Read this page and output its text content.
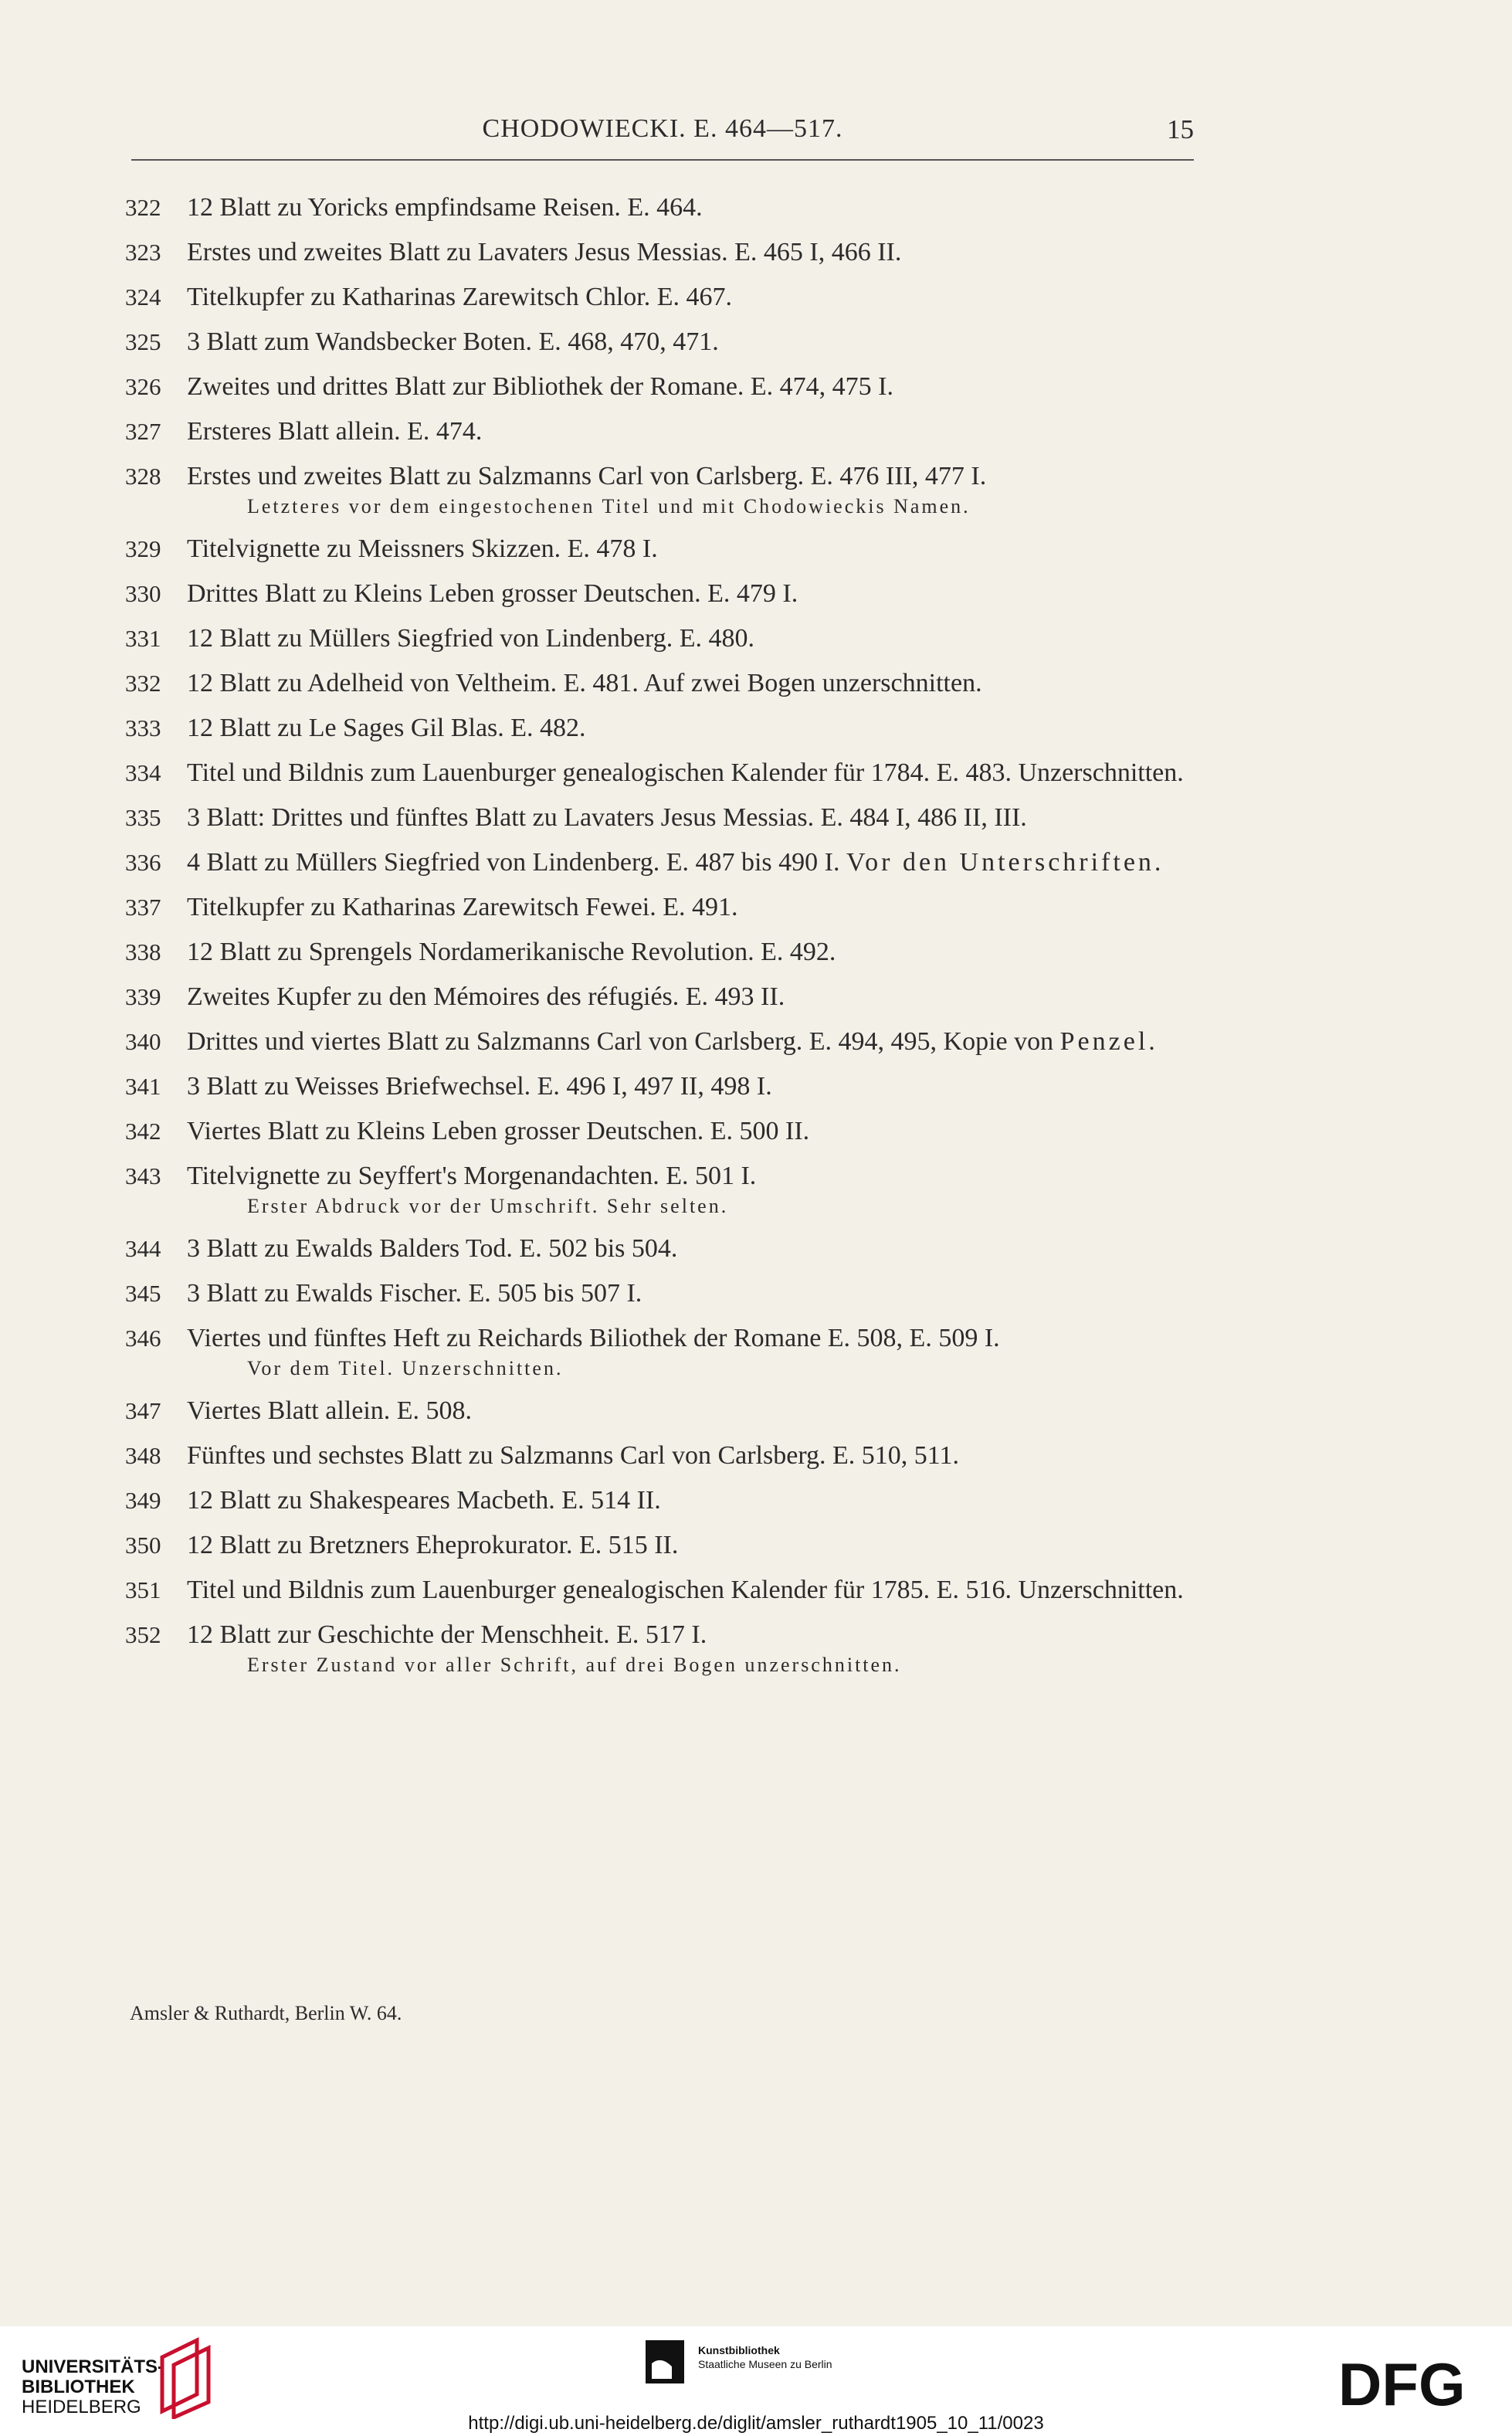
CHODOWIECKI. E. 464—517.	15
322 12 Blatt zu Yoricks empfindsame Reisen. E. 464.
323 Erstes und zweites Blatt zu Lavaters Jesus Messias. E. 465 I, 466 II.
324 Titelkupfer zu Katharinas Zarewitsch Chlor. E. 467.
325 3 Blatt zum Wandsbecker Boten. E. 468, 470, 471.
326 Zweites und drittes Blatt zur Bibliothek der Romane. E. 474, 475 I.
327 Ersteres Blatt allein. E. 474.
328 Erstes und zweites Blatt zu Salzmanns Carl von Carlsberg. E. 476 III, 477 I.
Letzteres vor dem eingestochenen Titel und mit Chodowieckis Namen.
329 Titelvignette zu Meissners Skizzen. E. 478 I.
330 Drittes Blatt zu Kleins Leben grosser Deutschen. E. 479 I.
331 12 Blatt zu Müllers Siegfried von Lindenberg. E. 480.
332 12 Blatt zu Adelheid von Veltheim. E. 481. Auf zwei Bogen unzerschnitten.
333 12 Blatt zu Le Sages Gil Blas. E. 482.
334 Titel und Bildnis zum Lauenburger genealogischen Kalender für 1784. E. 483. Unzerschnitten.
335 3 Blatt: Drittes und fünftes Blatt zu Lavaters Jesus Messias. E. 484 I, 486 II, III.
336 4 Blatt zu Müllers Siegfried von Lindenberg. E. 487 bis 490 I. Vor den Unterschriften.
337 Titelkupfer zu Katharinas Zarewitsch Fewei. E. 491.
338 12 Blatt zu Sprengels Nordamerikanische Revolution. E. 492.
339 Zweites Kupfer zu den Mémoires des réfugiés. E. 493 II.
340 Drittes und viertes Blatt zu Salzmanns Carl von Carlsberg. E. 494, 495, Kopie von Penzel.
341 3 Blatt zu Weisses Briefwechsel. E. 496 I, 497 II, 498 I.
342 Viertes Blatt zu Kleins Leben grosser Deutschen. E. 500 II.
343 Titelvignette zu Seyffert's Morgenandachten. E. 501 I.
Erster Abdruck vor der Umschrift. Sehr selten.
344 3 Blatt zu Ewalds Balders Tod. E. 502 bis 504.
345 3 Blatt zu Ewalds Fischer. E. 505 bis 507 I.
346 Viertes und fünftes Heft zu Reichards Biliothek der Romane E. 508, E. 509 I.
Vor dem Titel. Unzerschnitten.
347 Viertes Blatt allein. E. 508.
348 Fünftes und sechstes Blatt zu Salzmanns Carl von Carlsberg. E. 510, 511.
349 12 Blatt zu Shakespeares Macbeth. E. 514 II.
350 12 Blatt zu Bretzners Eheprokurator. E. 515 II.
351 Titel und Bildnis zum Lauenburger genealogischen Kalender für 1785. E. 516. Unzerschnitten.
352 12 Blatt zur Geschichte der Menschheit. E. 517 I.
Erster Zustand vor aller Schrift, auf drei Bogen unzerschnitten.
Amsler & Ruthardt, Berlin W. 64.
UNIVERSITÄTS-
BIBLIOTHEK
HEIDELBERG
Kunstbibliothek
Staatliche Museen zu Berlin	DFG
http://digi.ub.uni-heidelberg.de/diglit/amsler_ruthardt1905_10_11/0023
